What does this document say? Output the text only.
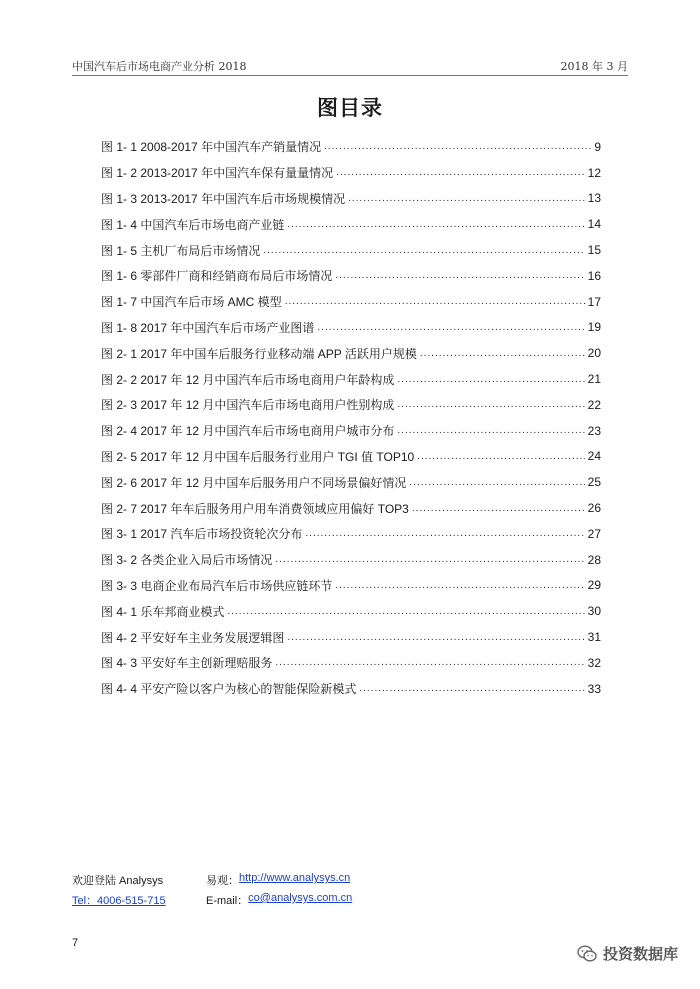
中国汽车后市场电商产业分析 2018	2018 年 3 月
图目录
图 1- 1 2008-2017 年中国汽车产销量情况 .....	9
图 1- 2 2013-2017 年中国汽车保有量量情况 .....	12
图 1- 3 2013-2017 年中国汽车后市场规模情况 .....	13
图 1- 4 中国汽车后市场电商产业链 .....	14
图 1- 5 主机厂布局后市场情况 .....	15
图 1- 6 零部件厂商和经销商布局后市场情况 .....	16
图 1- 7 中国汽车后市场 AMC 模型 .....	17
图 1- 8 2017 年中国汽车后市场产业图谱 .....	19
图 2- 1 2017 年中国车后服务行业移动端 APP 活跃用户规模 .....	20
图 2- 2 2017 年 12 月中国汽车后市场电商用户年龄构成 .....	21
图 2- 3 2017 年 12 月中国汽车后市场电商用户性别构成 .....	22
图 2- 4 2017 年 12 月中国汽车后市场电商用户城市分布 .....	23
图 2- 5 2017 年 12 月中国车后服务行业用户 TGI 值 TOP10 .....	24
图 2- 6 2017 年 12 月中国车后服务用户不同场景偏好情况 .....	25
图 2- 7 2017 年车后服务用户用车消费领域应用偏好 TOP3 .....	26
图 3- 1 2017 汽车后市场投资轮次分布 .....	27
图 3- 2 各类企业入局后市场情况 .....	28
图 3- 3 电商企业布局汽车后市场供应链环节 .....	29
图 4- 1 乐车邦商业模式 .....	30
图 4- 2 平安好车主业务发展逻辑图 .....	31
图 4- 3 平安好车主创新理赔服务 .....	32
图 4- 4 平安产险以客户为核心的智能保险新模式 .....	33
欢迎登陆 Analysys	易观： http://www.analysys.cn
Tel：4006-515-715	E-mail： co@analysys.com.cn
7
投资数据库
